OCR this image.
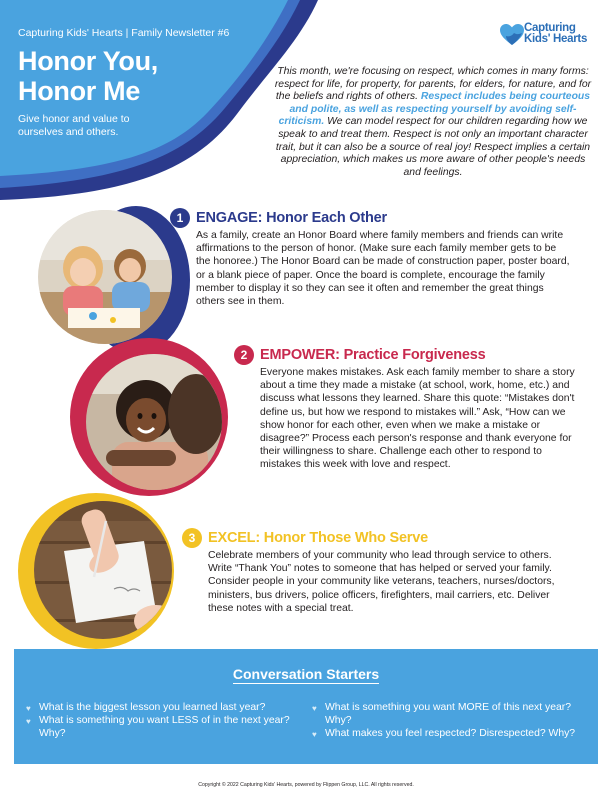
Capturing Kids' Hearts | Family Newsletter #6
Honor You,
Honor Me
Give honor and value to ourselves and others.
Capturing
Kids' Hearts
This month, we're focusing on respect, which comes in many forms: respect for life, for property, for parents, for elders, for nature, and for the beliefs and rights of others. Respect includes being courteous and polite, as well as respecting yourself by avoiding self-criticism. We can model respect for our children regarding how we speak to and treat them. Respect is not only an important character trait, but it can also be a source of real joy! Respect implies a certain appreciation, which makes us more aware of other people's needs and feelings.
1 ENGAGE: Honor Each Other
As a family, create an Honor Board where family members and friends can write affirmations to the person of honor. (Make sure each family member gets to be the honoree.) The Honor Board can be made of construction paper, poster board, or a blank piece of paper. Once the board is complete, encourage the family member to display it so they can see it often and remember the great things others see in them.
2 EMPOWER: Practice Forgiveness
Everyone makes mistakes. Ask each family member to share a story about a time they made a mistake (at school, work, home, etc.) and discuss what lessons they learned. Share this quote: “Mistakes don't define us, but how we respond to mistakes will.” Ask, “How can we show honor for each other, even when we make a mistake or disagree?” Process each person's response and thank everyone for their willingness to share. Challenge each other to respond to mistakes this week with love and respect.
3 EXCEL: Honor Those Who Serve
Celebrate members of your community who lead through service to others. Write “Thank You” notes to someone that has helped or served your family. Consider people in your community like veterans, teachers, nurses/doctors, ministers, bus drivers, police officers, firefighters, mail carriers, etc. Deliver these notes with a special treat.
Conversation Starters
♥ What is the biggest lesson you learned last year?
♥ What is something you want LESS of in the next year? Why?
♥ What is something you want MORE of this next year? Why?
♥ What makes you feel respected? Disrespected? Why?
Copyright © 2022 Capturing Kids' Hearts, powered by Flippen Group, LLC. All rights reserved.
